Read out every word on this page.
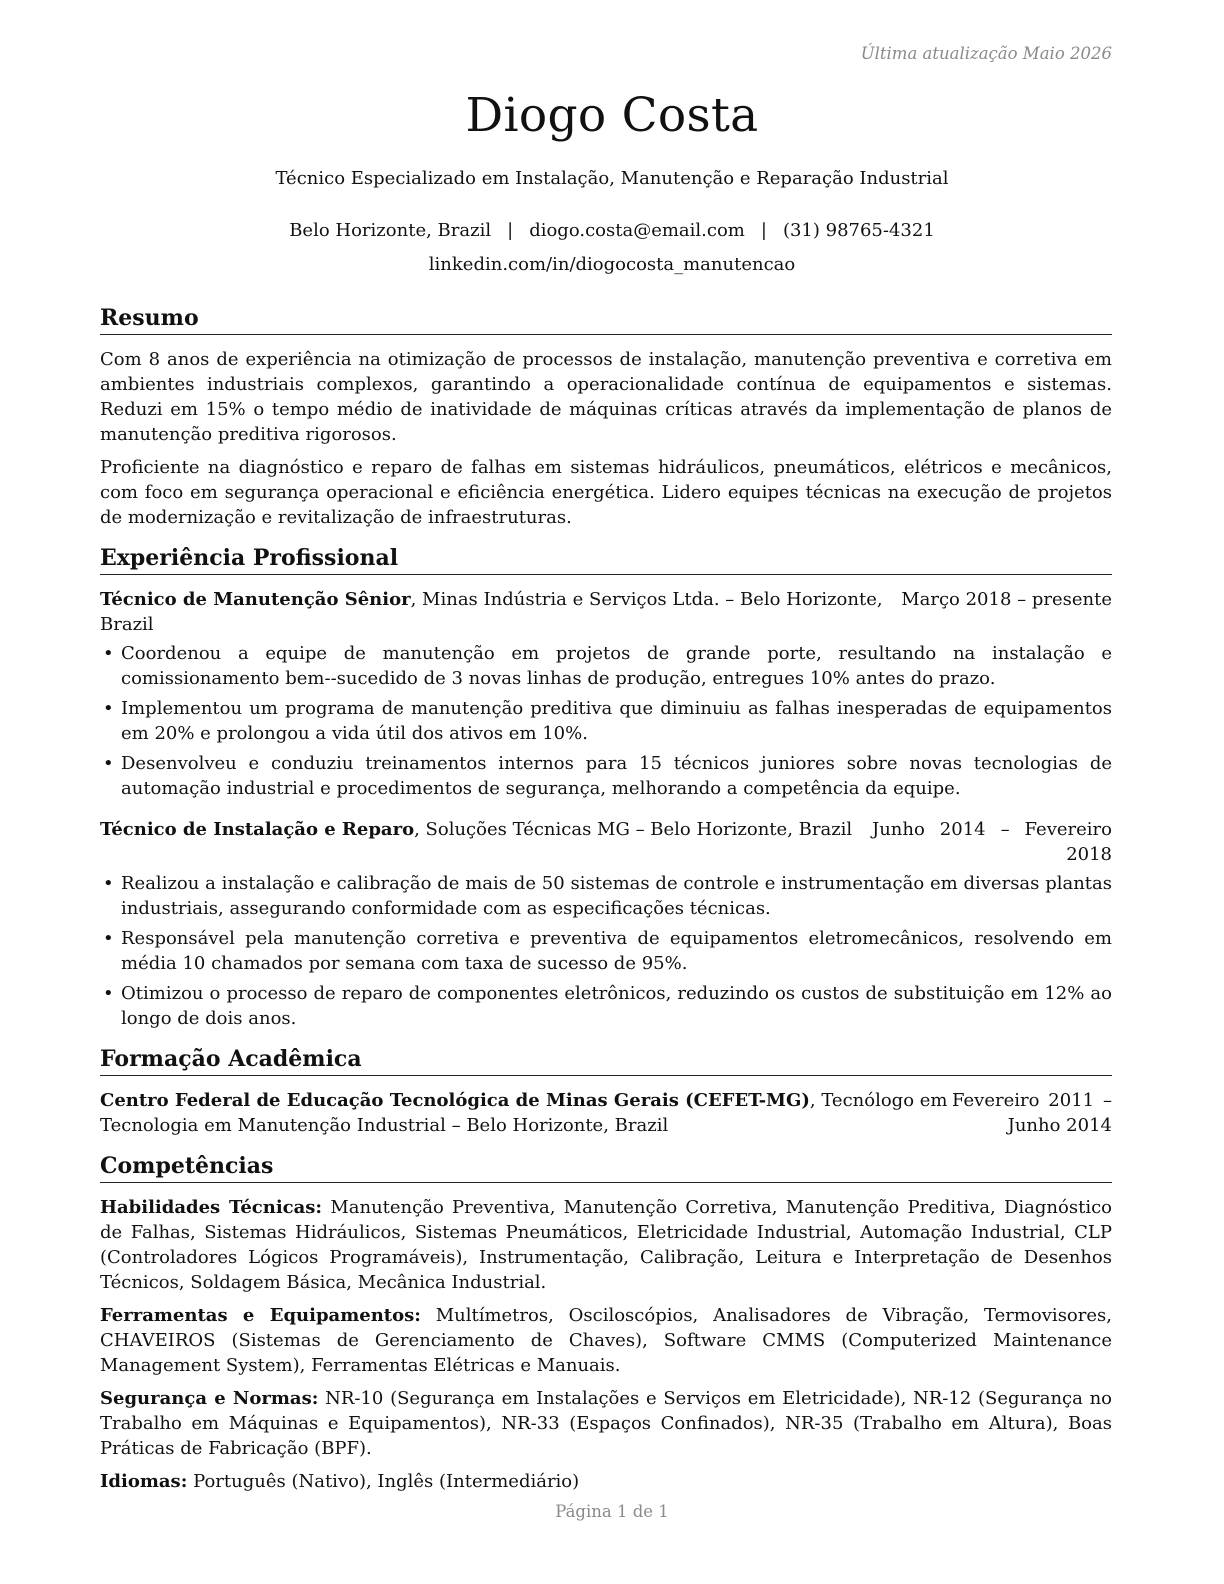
Última atualização Maio 2026
Diogo Costa
Técnico Especializado em Instalação, Manutenção e Reparação Industrial
Belo Horizonte, Brazil | diogo.costa@email.com | (31) 98765-4321
linkedin.com/in/diogocosta_manutencao
Resumo

Com 8 anos de experiência na otimização de processos de instalação, manutenção preventiva e corretiva em ambientes industriais complexos, garantindo a operacionalidade contínua de equipamentos e sistemas. Reduzi em 15% o tempo médio de inatividade de máquinas críticas através da implementação de planos de manutenção preditiva rigorosos.

Proficiente na diagnóstico e reparo de falhas em sistemas hidráulicos, pneumáticos, elétricos e mecânicos, com foco em segurança operacional e eficiência energética. Lidero equipes técnicas na execução de projetos de modernização e revitalização de infraestruturas.

Experiência Profissional
Técnico de Manutenção Sênior, Minas Indústria e Serviços Ltda. – Belo Horizonte, Brazil
Março 2018 – presente
• Coordenou a equipe de manutenção em projetos de grande porte, resultando na instalação e comissionamento bem--sucedido de 3 novas linhas de produção, entregues 10% antes do prazo.
• Implementou um programa de manutenção preditiva que diminuiu as falhas inesperadas de equipamentos em 20% e prolongou a vida útil dos ativos em 10%.
• Desenvolveu e conduziu treinamentos internos para 15 técnicos juniores sobre novas tecnologias de automação industrial e procedimentos de segurança, melhorando a competência da equipe.
Técnico de Instalação e Reparo, Soluções Técnicas MG – Belo Horizonte, Brazil	Junho 2014 – Fevereiro 2018
• Realizou a instalação e calibração de mais de 50 sistemas de controle e instrumentação em diversas plantas industriais, assegurando conformidade com as especificações técnicas.
• Responsável pela manutenção corretiva e preventiva de equipamentos eletromecânicos, resolvendo em média 10 chamados por semana com taxa de sucesso de 95%.
• Otimizou o processo de reparo de componentes eletrônicos, reduzindo os custos de substituição em 12% ao longo de dois anos.
Formação Acadêmica
Centro Federal de Educação Tecnológica de Minas Gerais (CEFET-MG), Tecnólogo em Tecnologia em Manutenção Industrial – Belo Horizonte, Brazil
Fevereiro 2011 – Junho 2014
Competências
Habilidades Técnicas: Manutenção Preventiva, Manutenção Corretiva, Manutenção Preditiva, Diagnóstico de Falhas, Sistemas Hidráulicos, Sistemas Pneumáticos, Eletricidade Industrial, Automação Industrial, CLP (Controladores Lógicos Programáveis), Instrumentação, Calibração, Leitura e Interpretação de Desenhos Técnicos, Soldagem Básica, Mecânica Industrial.
Ferramentas e Equipamentos: Multímetros, Osciloscópios, Analisadores de Vibração, Termovisores, CHAVEIROS (Sistemas de Gerenciamento de Chaves), Software CMMS (Computerized Maintenance Management System), Ferramentas Elétricas e Manuais.
Segurança e Normas: NR-10 (Segurança em Instalações e Serviços em Eletricidade), NR-12 (Segurança no Trabalho em Máquinas e Equipamentos), NR-33 (Espaços Confinados), NR-35 (Trabalho em Altura), Boas Práticas de Fabricação (BPF).
Idiomas: Português (Nativo), Inglês (Intermediário)
Página 1 de 1
